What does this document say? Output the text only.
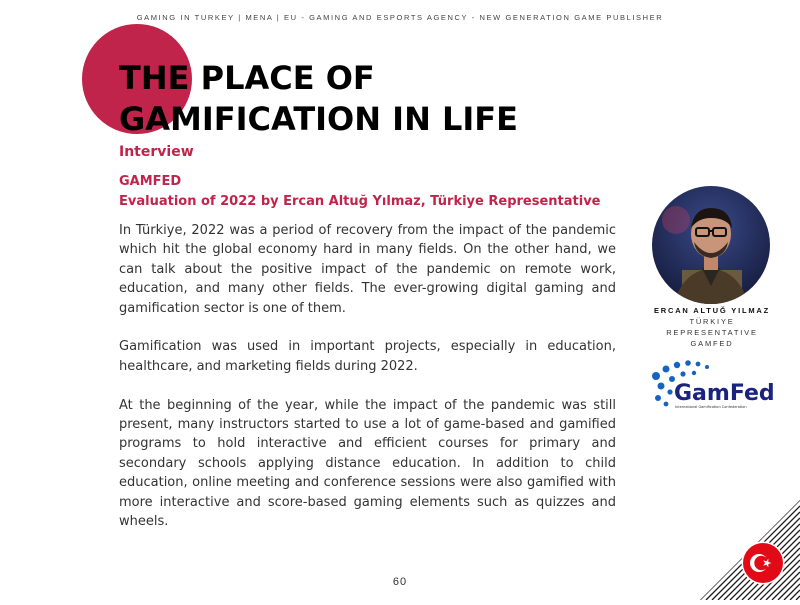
GAMING IN TURKEY | MENA | EU - GAMING AND ESPORTS AGENCY - NEW GENERATION GAME PUBLISHER
THE PLACE OF
GAMIFICATION IN LIFE
Interview
GAMFED
Evaluation of 2022 by Ercan Altuğ Yılmaz, Türkiye Representative

In Türkiye, 2022 was a period of recovery from the impact of the pandemic which hit the global economy hard in many fields. On the other hand, we can talk about the positive impact of the pandemic on remote work, education, and many other fields. The ever-growing digital gaming and gamification sector is one of them.

Gamification was used in important projects, especially in education, healthcare, and marketing fields during 2022.

At the beginning of the year, while the impact of the pandemic was still present, many instructors started to use a lot of game-based and gamified programs to hold interactive and efficient courses for primary and secondary schools applying distance education. In addition to child education, online meeting and conference sessions were also gamified with more interactive and score-based gaming elements such as quizzes and wheels.

ERCAN ALTUĞ YILMAZ
TÜRKIYE
REPRESENTATIVE
GAMFED
GamFed
International Gamification Confederation
60
